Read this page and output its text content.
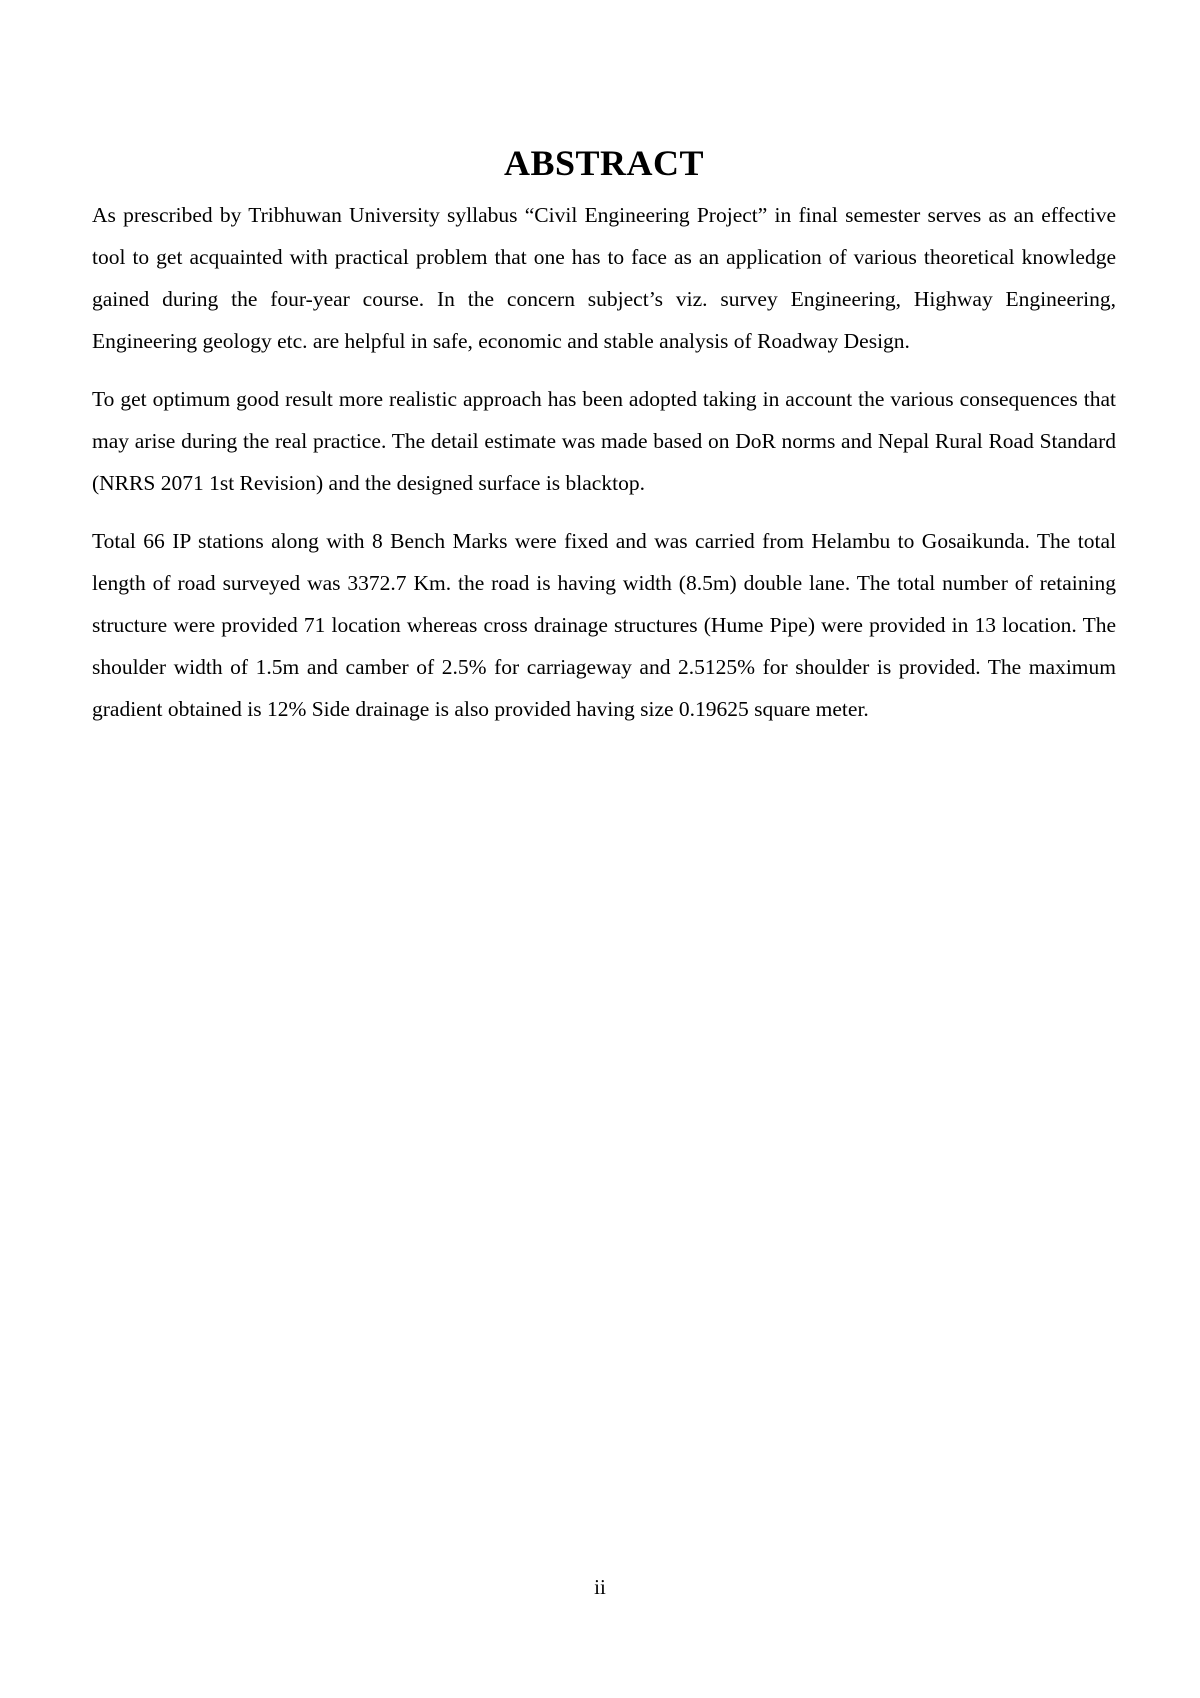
ABSTRACT

As prescribed by Tribhuwan University syllabus “Civil Engineering Project” in final semester serves as an effective tool to get acquainted with practical problem that one has to face as an application of various theoretical knowledge gained during the four-year course. In the concern subject’s viz. survey Engineering, Highway Engineering, Engineering geology etc. are helpful in safe, economic and stable analysis of Roadway Design.

To get optimum good result more realistic approach has been adopted taking in account the various consequences that may arise during the real practice. The detail estimate was made based on DoR norms and Nepal Rural Road Standard (NRRS 2071 1st Revision) and the designed surface is blacktop.

Total 66 IP stations along with 8 Bench Marks were fixed and was carried from Helambu to Gosaikunda. The total length of road surveyed was 3372.7 Km. the road is having width (8.5m) double lane. The total number of retaining structure were provided 71 location whereas cross drainage structures (Hume Pipe) were provided in 13 location. The shoulder width of 1.5m and camber of 2.5% for carriageway and 2.5125% for shoulder is provided. The maximum gradient obtained is 12% Side drainage is also provided having size 0.19625 square meter.

ii
